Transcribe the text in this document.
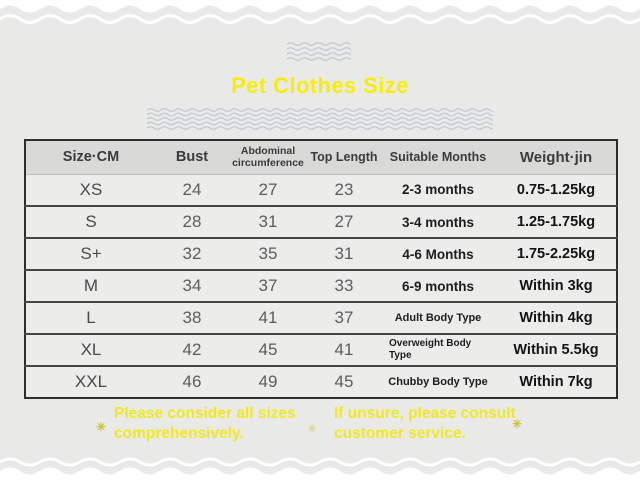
Pet Clothes Size
Size·CM	Bust	Abdominal circumference	Top Length	Suitable Months	Weight·jin
XS	24	27	23	2-3 months	0.75-1.25kg
S	28	31	27	3-4 months	1.25-1.75kg
S+	32	35	31	4-6 Months	1.75-2.25kg
M	34	37	33	6-9 months	Within 3kg
L	38	41	37	Adult Body Type	Within 4kg
XL	42	45	41	Overweight Body Type	Within 5.5kg
XXL	46	49	45	Chubby Body Type	Within 7kg
✳
Please consider all sizes comprehensively.	✳
If unsure, please consult customer service.
✳
